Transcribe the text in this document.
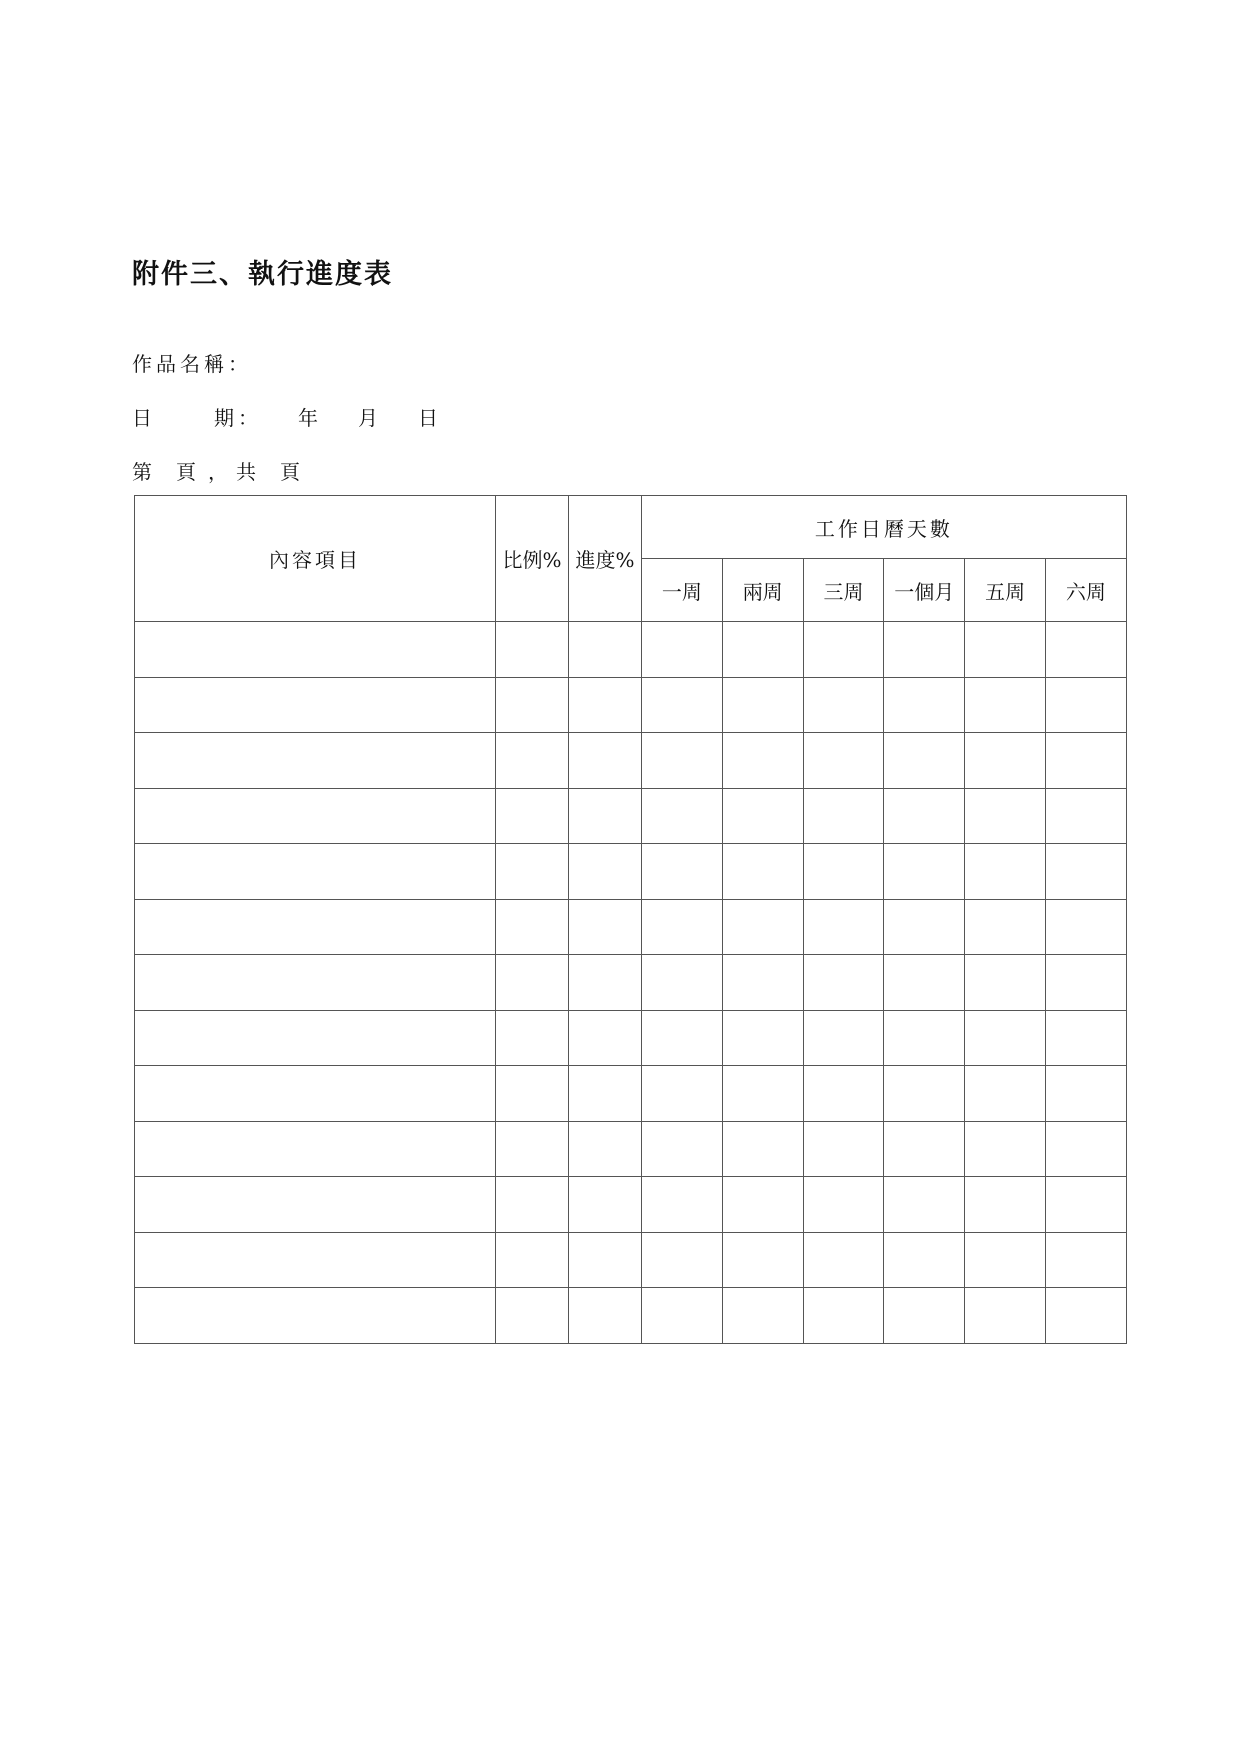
附件三、執行進度表
作品名稱：
日	期： 年 月 日
第 頁 ， 共 頁
內容項目	比例%	進度%	工作日曆天數					
			一周	兩周	三周	一個月	五周	六周
